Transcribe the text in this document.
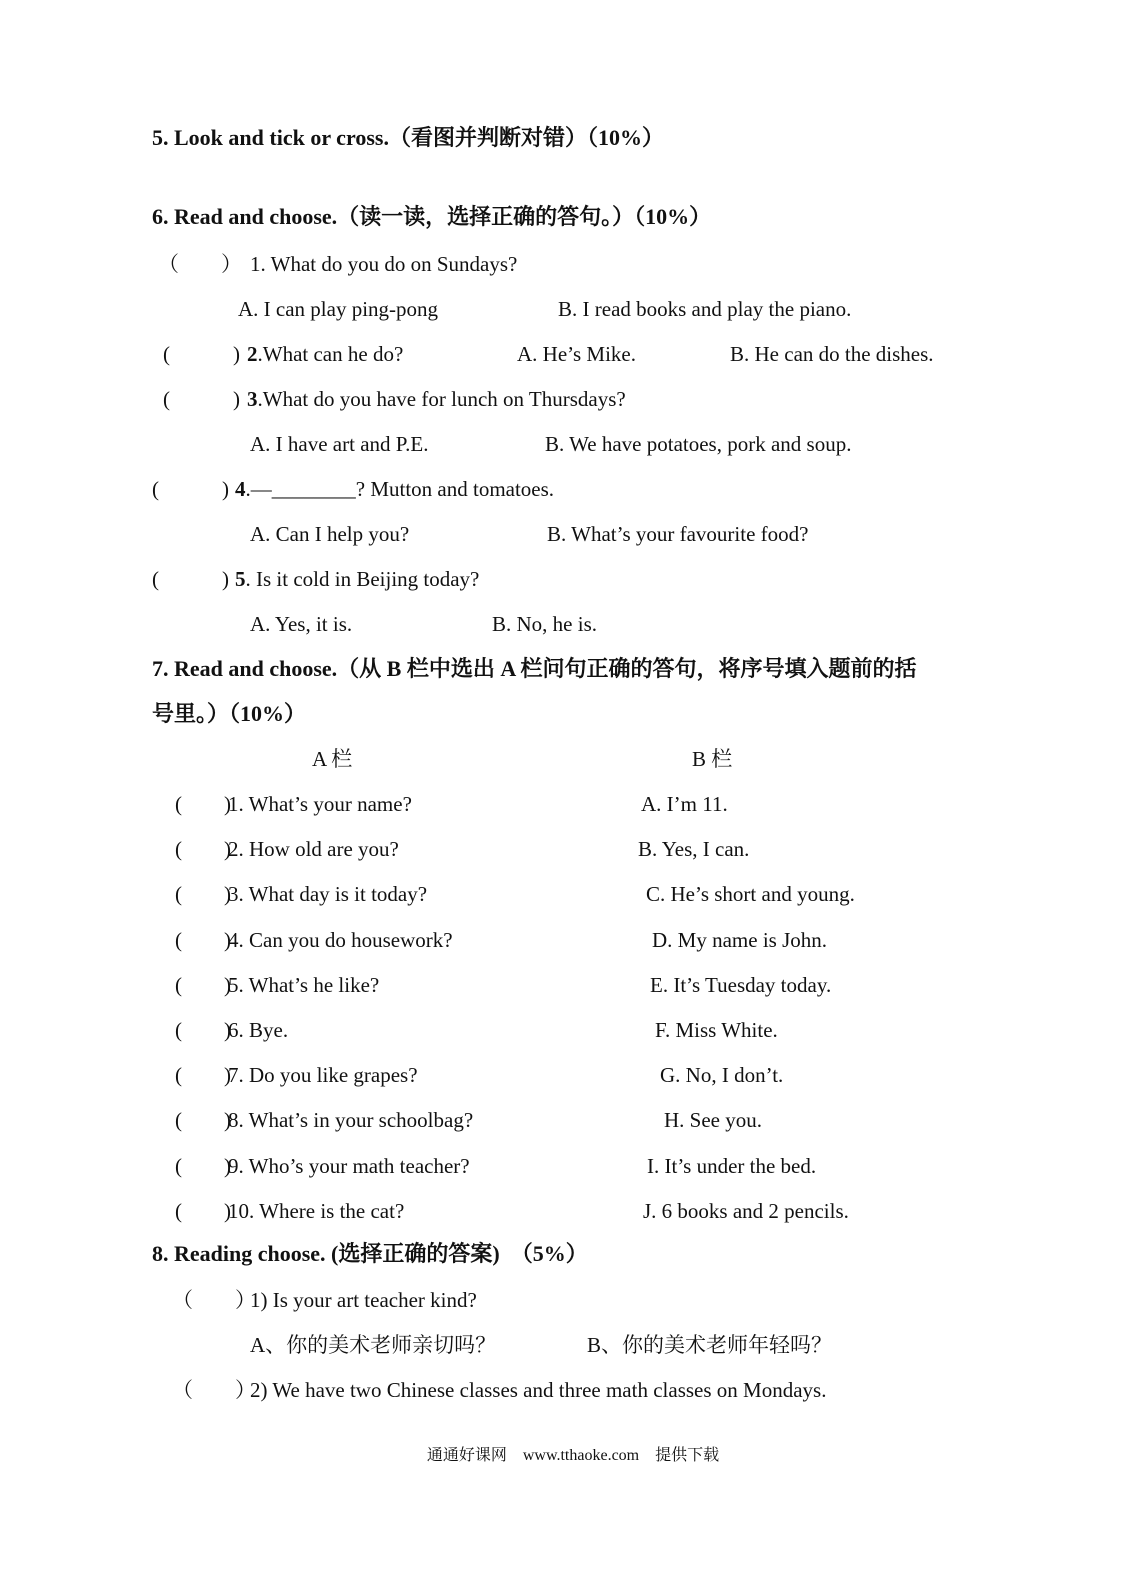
5. Look and tick or cross.（看图并判断对错）（10%）
6. Read and choose.（读一读，选择正确的答句。）（10%）
（　　） 1. What do you do on Sundays?
A. I can play ping-pong	B. I read books and play the piano.
(　　　) 2.What can he do?	A. He’s Mike.	B. He can do the dishes.
(　　　) 3.What do you have for lunch on Thursdays?
A. I have art and P.E.	B. We have potatoes, pork and soup.
(　　　) 4.—________? Mutton and tomatoes.
A. Can I help you?	B. What’s your favourite food?
(　　　) 5. Is it cold in Beijing today?
A. Yes, it is.	B. No, he is.
7. Read and choose.（从 B 栏中选出 A 栏问句正确的答句，将序号填入题前的括
号里。）（10%）
A 栏	B 栏
(　　)
1. What’s your name?	A. I’m 11.
(　　)
2. How old are you?	B. Yes, I can.
(　　)
3. What day is it today?	C. He’s short and young.
(　　)
4. Can you do housework?	D. My name is John.
(　　)
5. What’s he like?	E. It’s Tuesday today.
(　　)
6. Bye.	F. Miss White.
(　　)
7. Do you like grapes?	G. No, I don’t.
(　　)
8. What’s in your schoolbag?	H. See you.
(　　)
9. Who’s your math teacher?	I. It’s under the bed.
(　　)
10. Where is the cat?	J. 6 books and 2 pencils.
8. Reading choose. (选择正确的答案)　（5%）
（　　）
1) Is your art teacher kind?
A、你的美术老师亲切吗？	B、你的美术老师年轻吗？
（　　）
2) We have two Chinese classes and three math classes on Mondays.
通通好课网　www.tthaoke.com　提供下载
